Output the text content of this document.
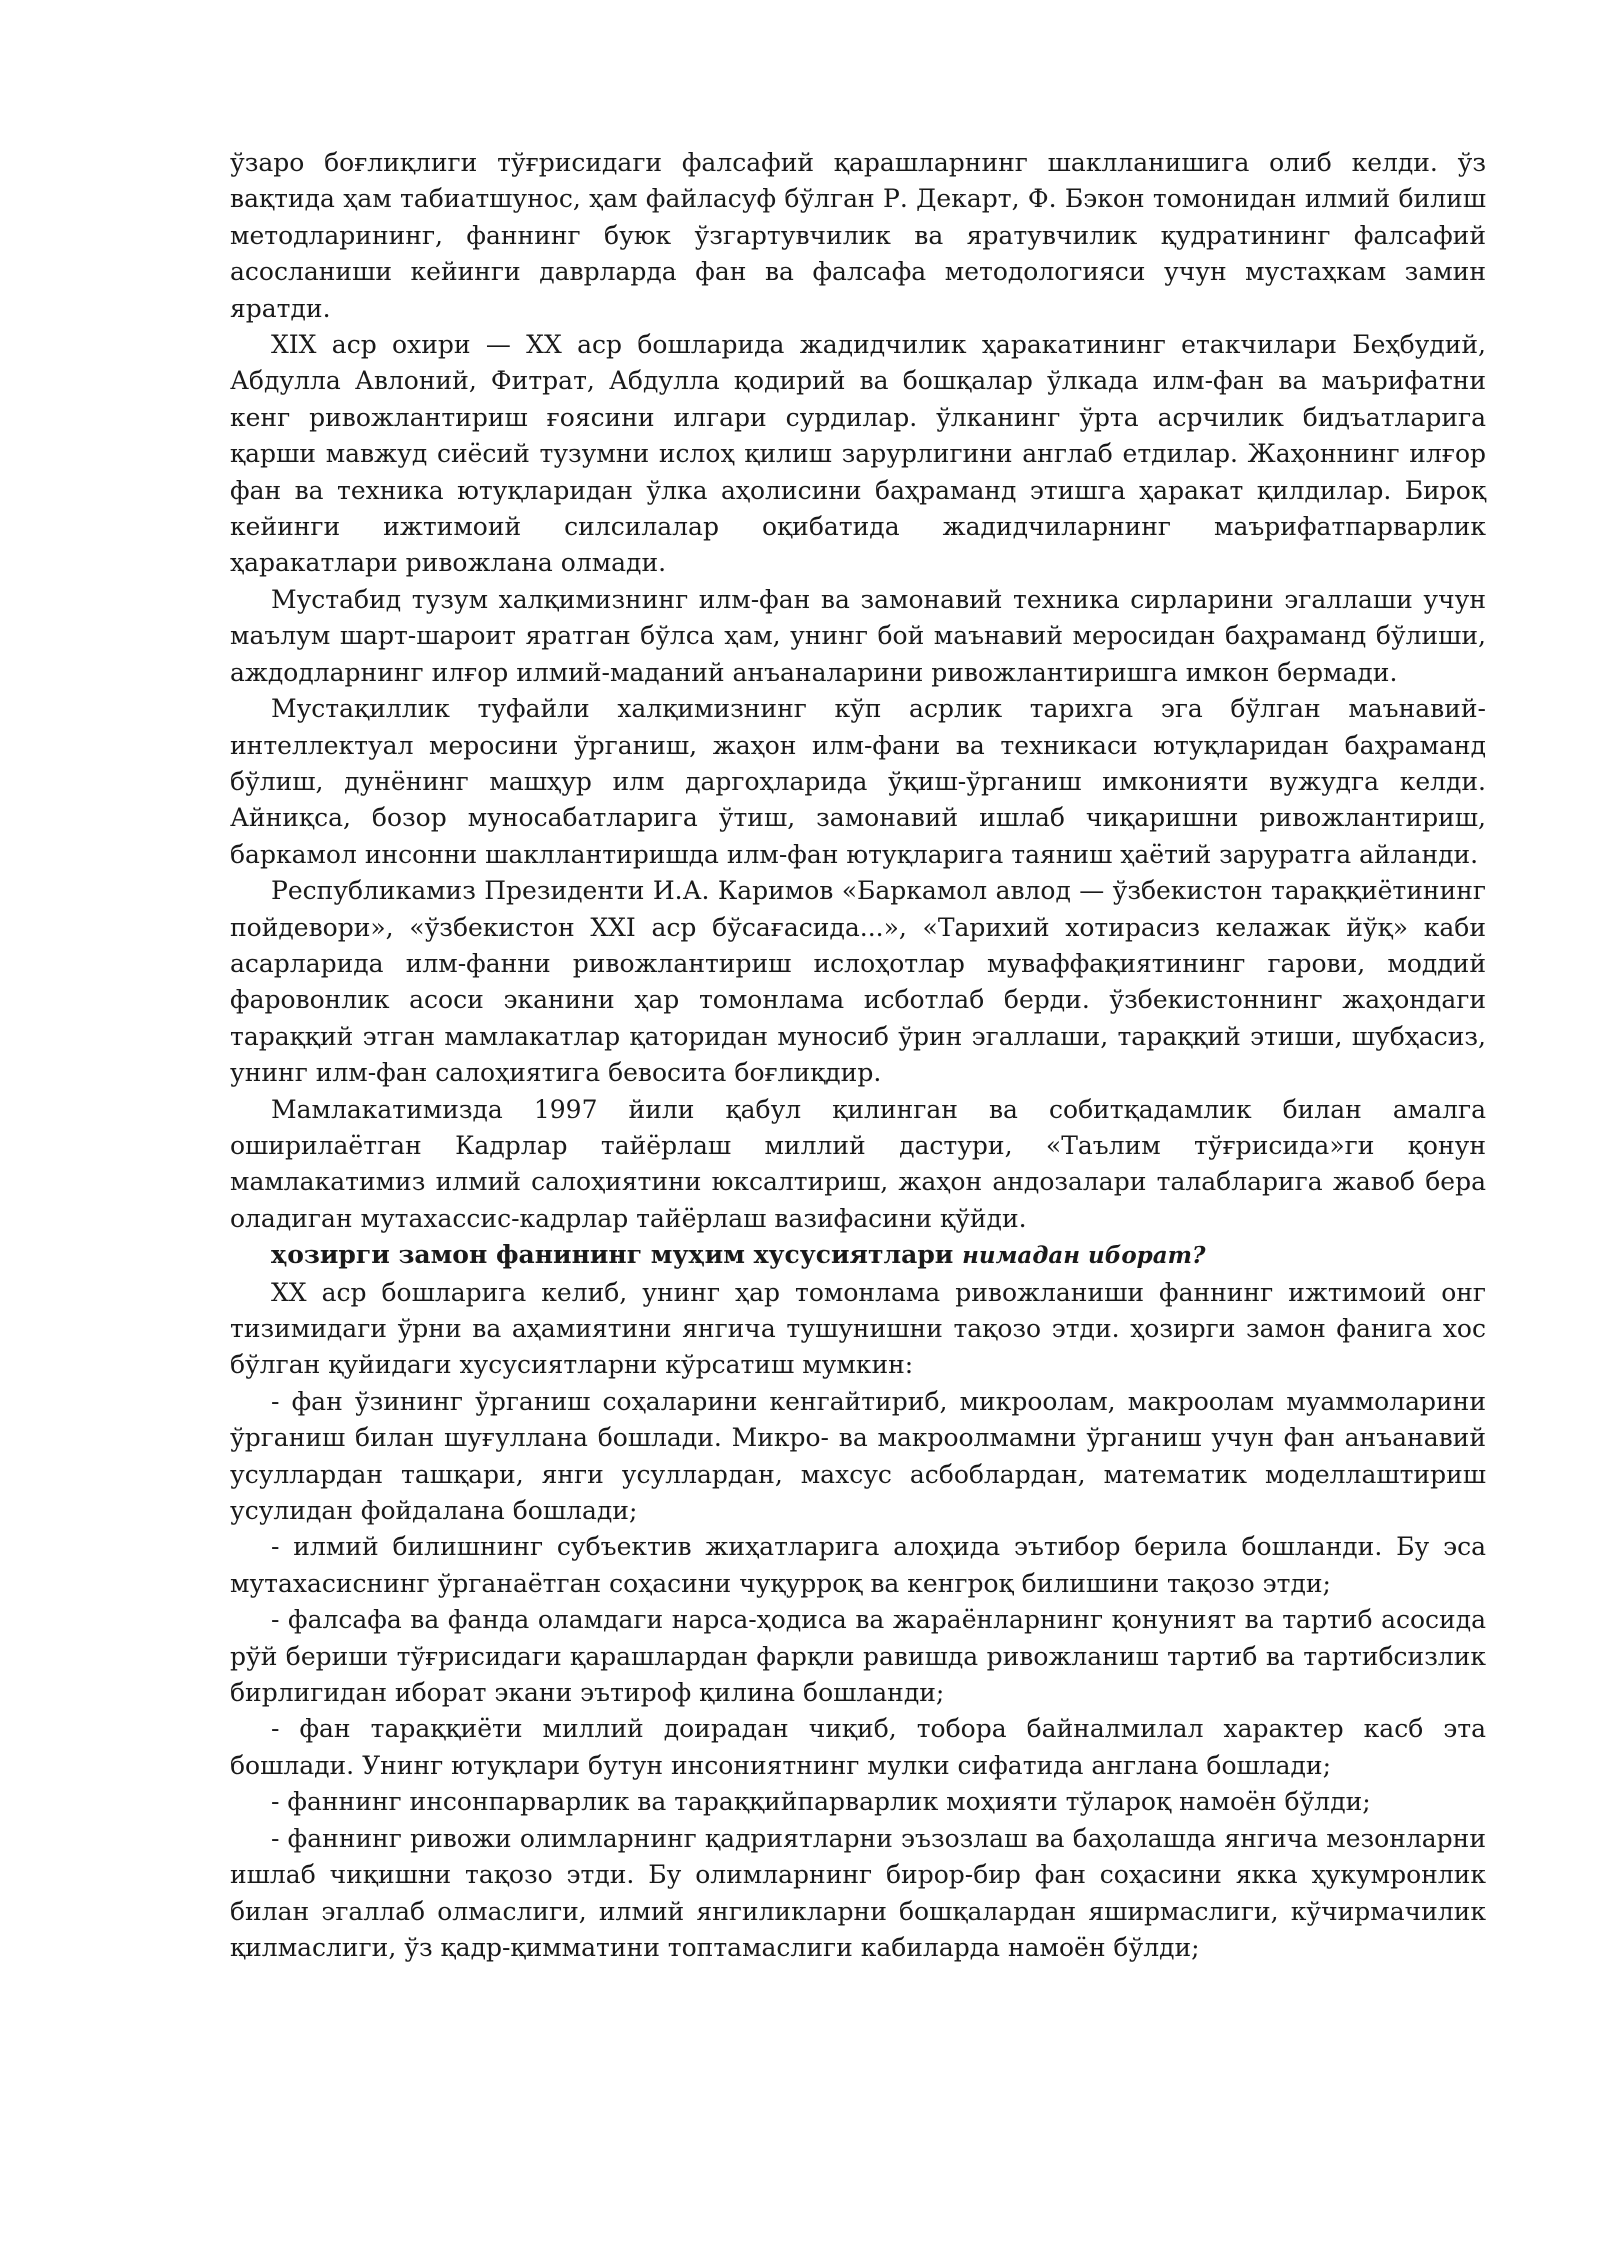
ўзаро боғлиқлиги тўғрисидаги фалсафий қарашларнинг шаклланишига олиб келди. ўз вақтида ҳам табиатшунос, ҳам файласуф бўлган Р. Декарт, Ф. Бэкон томонидан илмий билиш методларининг, фаннинг буюк ўзгартувчилик ва яратувчилик қудратининг фалсафий асосланиши кейинги даврларда фан ва фалсафа методологияси учун мустаҳкам замин яратди.

XIX аср охири — XX аср бошларида жадидчилик ҳаракатининг етакчилари Беҳбудий, Абдулла Авлоний, Фитрат, Абдулла қодирий ва бошқалар ўлкада илм-фан ва маърифатни кенг ривожлантириш ғоясини илгари сурдилар. ўлканинг ўрта асрчилик бидъатларига қарши мавжуд сиёсий тузумни ислоҳ қилиш зарурлигини англаб етдилар. Жаҳоннинг илғор фан ва техника ютуқларидан ўлка аҳолисини баҳраманд этишга ҳаракат қилдилар. Бироқ кейинги ижтимоий силсилалар оқибатида жадидчиларнинг маърифатпарварлик ҳаракатлари ривожлана олмади.

Мустабид тузум халқимизнинг илм-фан ва замонавий техника сирларини эгаллаши учун маълум шарт-шароит яратган бўлса ҳам, унинг бой маънавий меросидан баҳраманд бўлиши, аждодларнинг илғор илмий-маданий анъаналарини ривожлантиришга имкон бермади.

Мустақиллик туфайли халқимизнинг кўп асрлик тарихга эга бўлган маънавий-интеллектуал меросини ўрганиш, жаҳон илм-фани ва техникаси ютуқларидан баҳраманд бўлиш, дунёнинг машҳур илм даргоҳларида ўқиш-ўрганиш имконияти вужудга келди. Айниқса, бозор муносабатларига ўтиш, замонавий ишлаб чиқаришни ривожлантириш, баркамол инсонни шакллантиришда илм-фан ютуқларига таяниш ҳаётий заруратга айланди.

Республикамиз Президенти И.А. Каримов «Баркамол авлод — ўзбекистон тараққиётининг пойдевори», «ўзбекистон XXI аср бўсағасида...», «Тарихий хотирасиз келажак йўқ» каби асарларида илм-фанни ривожлантириш ислоҳотлар муваффақиятининг гарови, моддий фаровонлик асоси эканини ҳар томонлама исботлаб берди. ўзбекистоннинг жаҳондаги тараққий этган мамлакатлар қаторидан муносиб ўрин эгаллаши, тараққий этиши, шубҳасиз, унинг илм-фан салоҳиятига бевосита боғлиқдир.

Мамлакатимизда 1997 йили қабул қилинган ва собитқадамлик билан амалга оширилаётган Кадрлар тайёрлаш миллий дастури, «Таълим тўғрисида»ги қонун мамлакатимиз илмий салоҳиятини юксалтириш, жаҳон андозалари талабларига жавоб бера оладиган мутахассис-кадрлар тайёрлаш вазифасини қўйди.

ҳозирги замон фанининг муҳим хусусиятлари нимадан иборат?

XX аср бошларига келиб, унинг ҳар томонлама ривожланиши фаннинг ижтимоий онг тизимидаги ўрни ва аҳамиятини янгича тушунишни тақозо этди. ҳозирги замон фанига хос бўлган қуйидаги хусусиятларни кўрсатиш мумкин:

- фан ўзининг ўрганиш соҳаларини кенгайтириб, микроолам, макроолам муаммоларини ўрганиш билан шуғуллана бошлади. Микро- ва макроолмамни ўрганиш учун фан анъанавий усуллардан ташқари, янги усуллардан, махсус асбоблардан, математик моделлаштириш усулидан фойдалана бошлади;

- илмий билишнинг субъектив жиҳатларига алоҳида эътибор берила бошланди. Бу эса мутахасиснинг ўрганаётган соҳасини чуқурроқ ва кенгроқ билишини тақозо этди;

- фалсафа ва фанда оламдаги нарса-ҳодиса ва жараёнларнинг қонуният ва тартиб асосида рўй бериши тўғрисидаги қарашлардан фарқли равишда ривожланиш тартиб ва тартибсизлик бирлигидан иборат экани эътироф қилина бошланди;

- фан тараққиёти миллий доирадан чиқиб, тобора байналмилал характер касб эта бошлади. Унинг ютуқлари бутун инсониятнинг мулки сифатида англана бошлади;

- фаннинг инсонпарварлик ва тараққийпарварлик моҳияти тўлароқ намоён бўлди;

- фаннинг ривожи олимларнинг қадриятларни эъзозлаш ва баҳолашда янгича мезонларни ишлаб чиқишни тақозо этди. Бу олимларнинг бирор-бир фан соҳасини якка ҳукумронлик билан эгаллаб олмаслиги, илмий янгиликларни бошқалардан яширмаслиги, кўчирмачилик қилмаслиги, ўз қадр-қимматини топтамаслиги кабиларда намоён бўлди;
